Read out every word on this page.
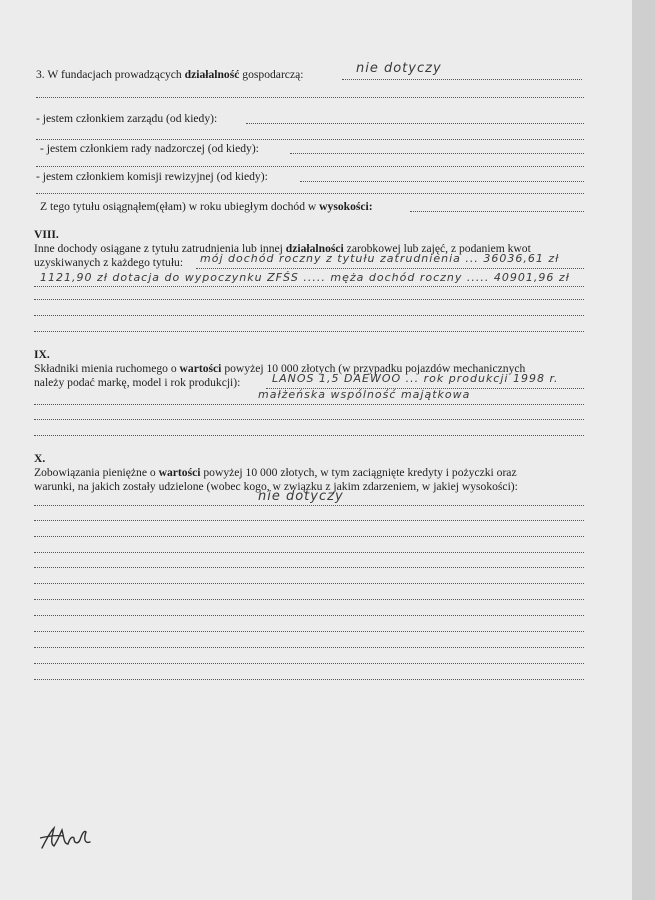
3. W fundacjach prowadzących działalność gospodarczą:	nie dotyczy
- jestem członkiem zarządu (od kiedy):
- jestem członkiem rady nadzorczej (od kiedy):
- jestem członkiem komisji rewizyjnej (od kiedy):
Z tego tytułu osiągnąłem(ęłam) w roku ubiegłym dochód w wysokości:
VIII.
Inne dochody osiągane z tytułu zatrudnienia lub innej działalności zarobkowej lub zajęć, z podaniem kwot
uzyskiwanych z każdego tytułu: mój dochód roczny z tytułu zatrudnienia ... 36036,61 zł
1121,90 zł dotacja do wypoczynku ZFŚS ..... męża dochód roczny ..... 40901,96 zł
IX.
Składniki mienia ruchomego o wartości powyżej 10 000 złotych (w przypadku pojazdów mechanicznych
należy podać markę, model i rok produkcji):	LANOS 1,5 DAEWOO ... rok produkcji 1998 r.
małżeńska wspólność majątkowa
X.
Zobowiązania pieniężne o wartości powyżej 10 000 złotych, w tym zaciągnięte kredyty i pożyczki oraz
warunki, na jakich zostały udzielone (wobec kogo, w związku z jakim zdarzeniem, w jakiej wysokości):
nie dotyczy
